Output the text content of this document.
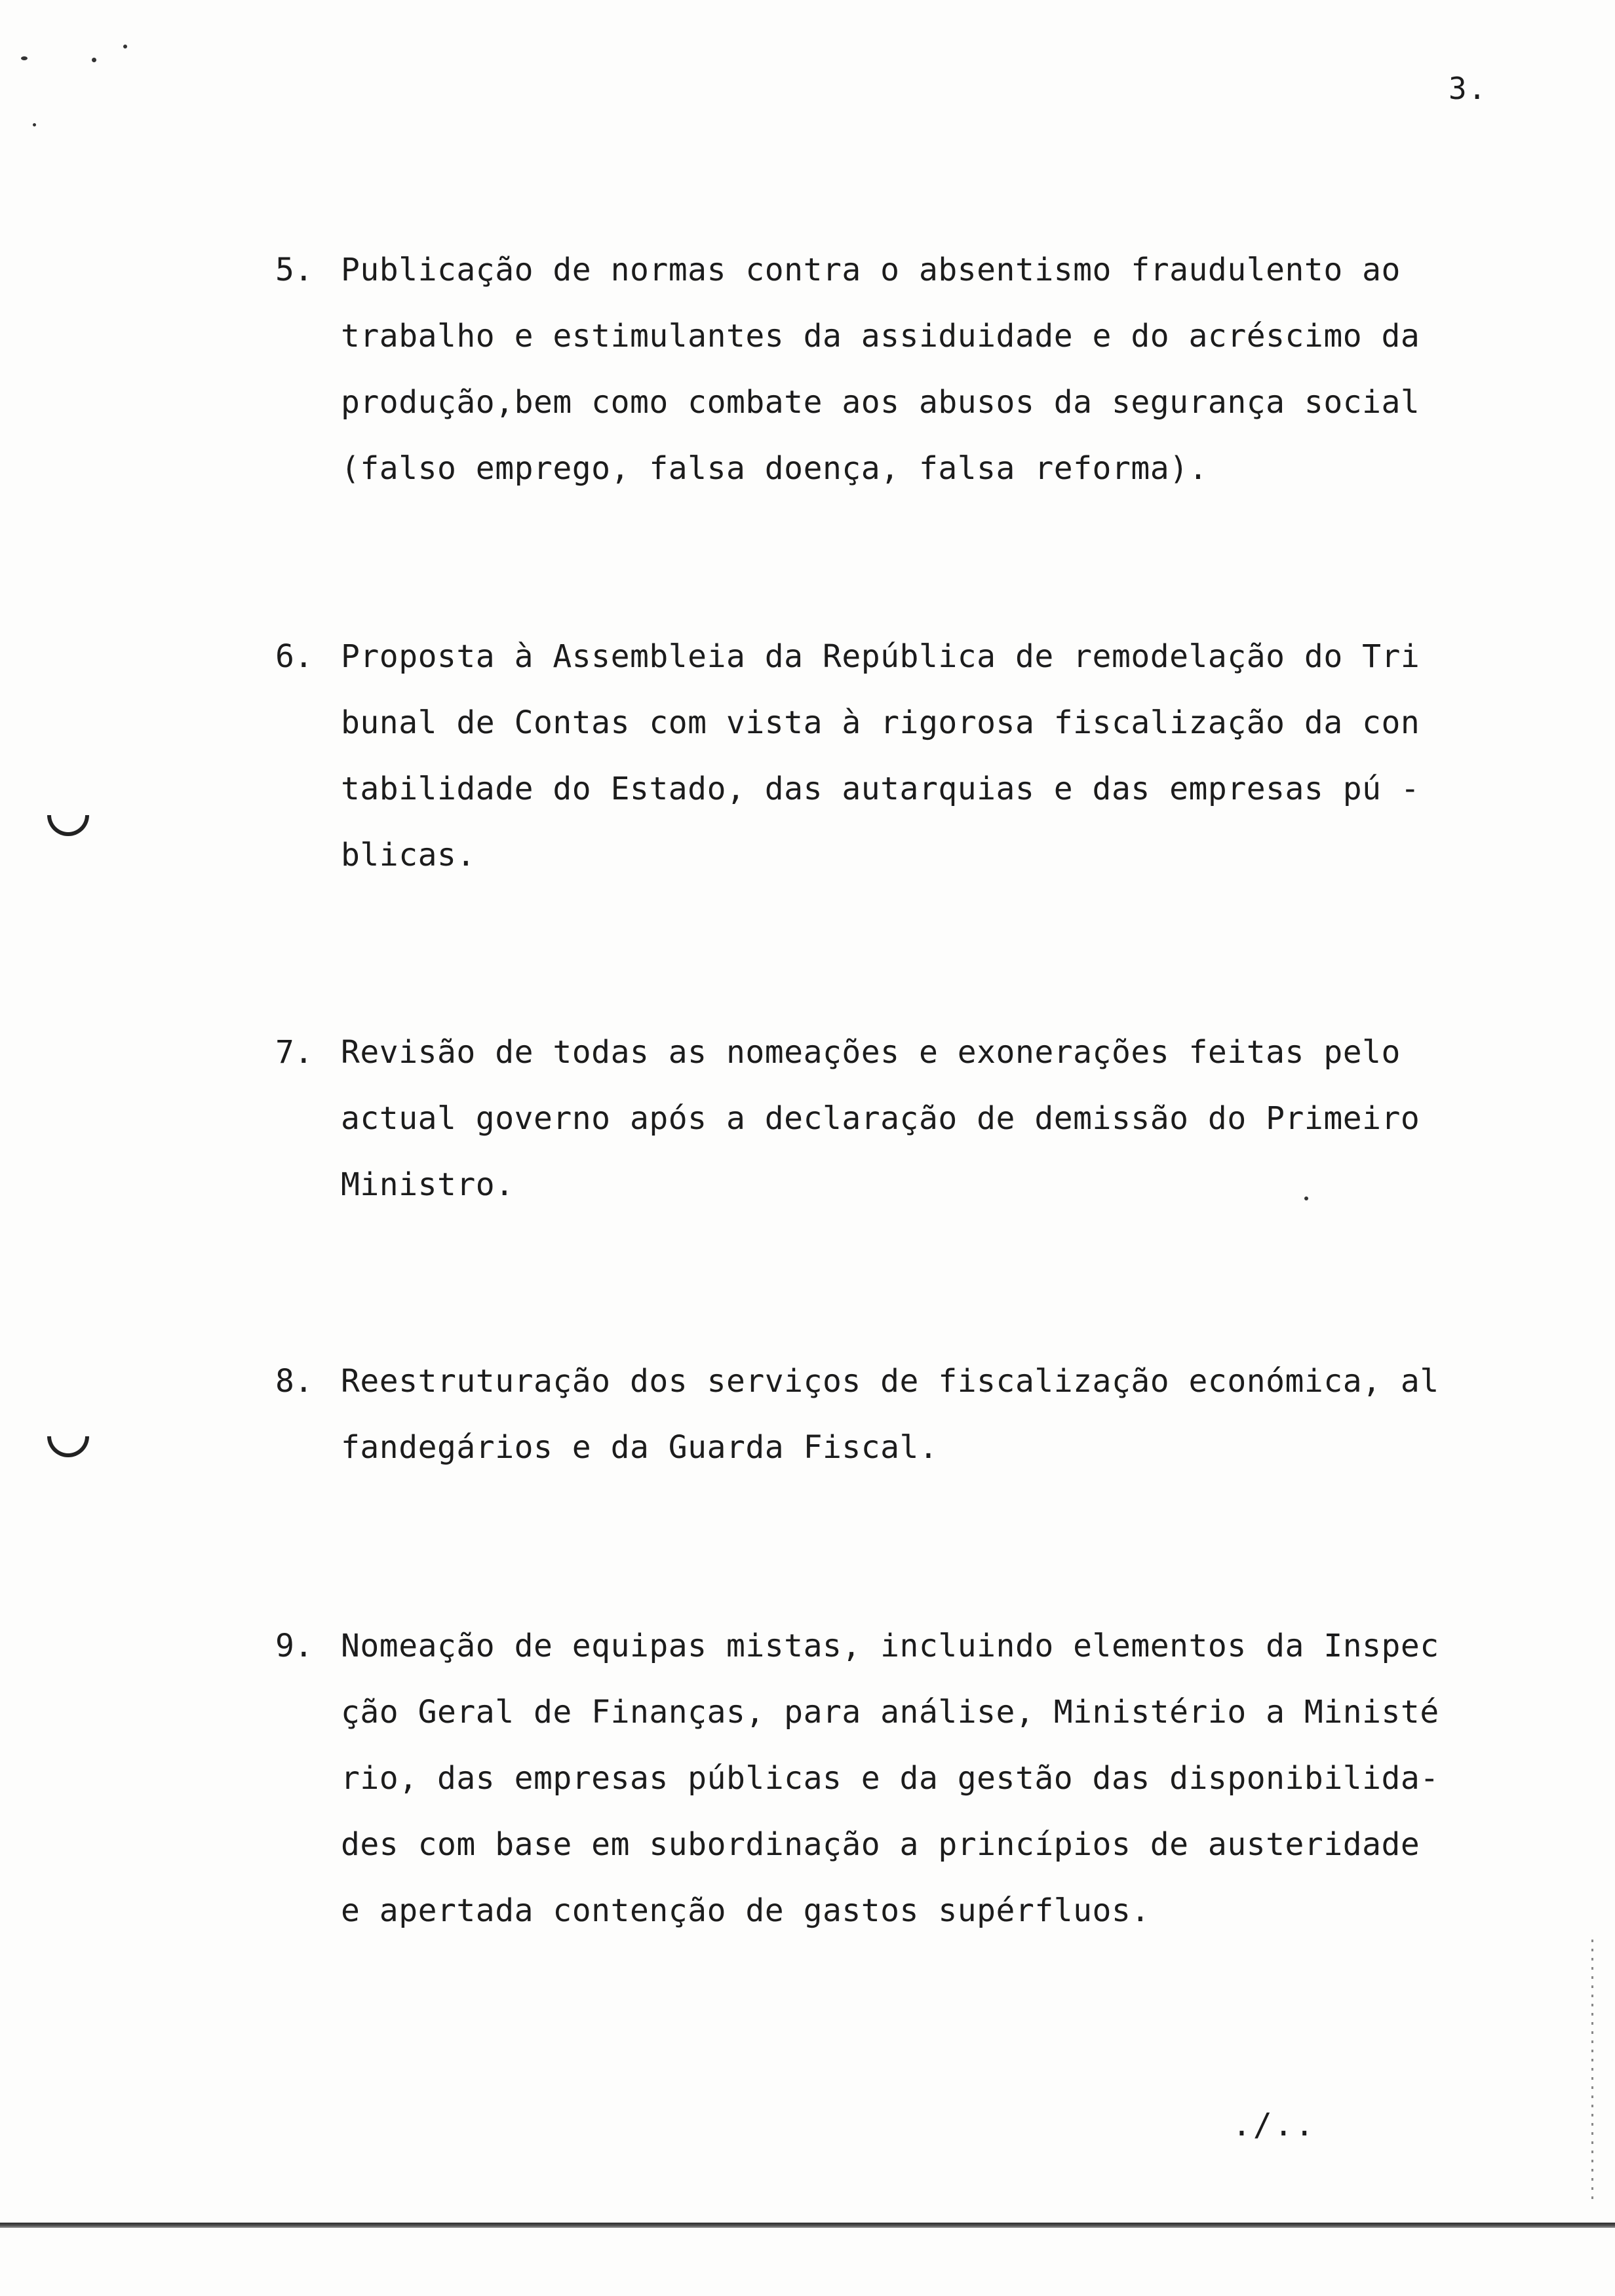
3.
5. Publicação de normas contra o absentismo fraudulento ao
trabalho e estimulantes da assiduidade e do acréscimo da
produção,bem como combate aos abusos da segurança social
(falso emprego, falsa doença, falsa reforma).
6. Proposta à Assembleia da República de remodelação do Tri
bunal de Contas com vista à rigorosa fiscalização da con
tabilidade do Estado, das autarquias e das empresas pú -
blicas.
7. Revisão de todas as nomeações e exonerações feitas pelo
actual governo após a declaração de demissão do Primeiro
Ministro.
8. Reestruturação dos serviços de fiscalização económica, al
fandegários e da Guarda Fiscal.
9. Nomeação de equipas mistas, incluindo elementos da Inspec
ção Geral de Finanças, para análise, Ministério a Ministé
rio, das empresas públicas e da gestão das disponibilida-
des com base em subordinação a princípios de austeridade
e apertada contenção de gastos supérfluos.
./..
